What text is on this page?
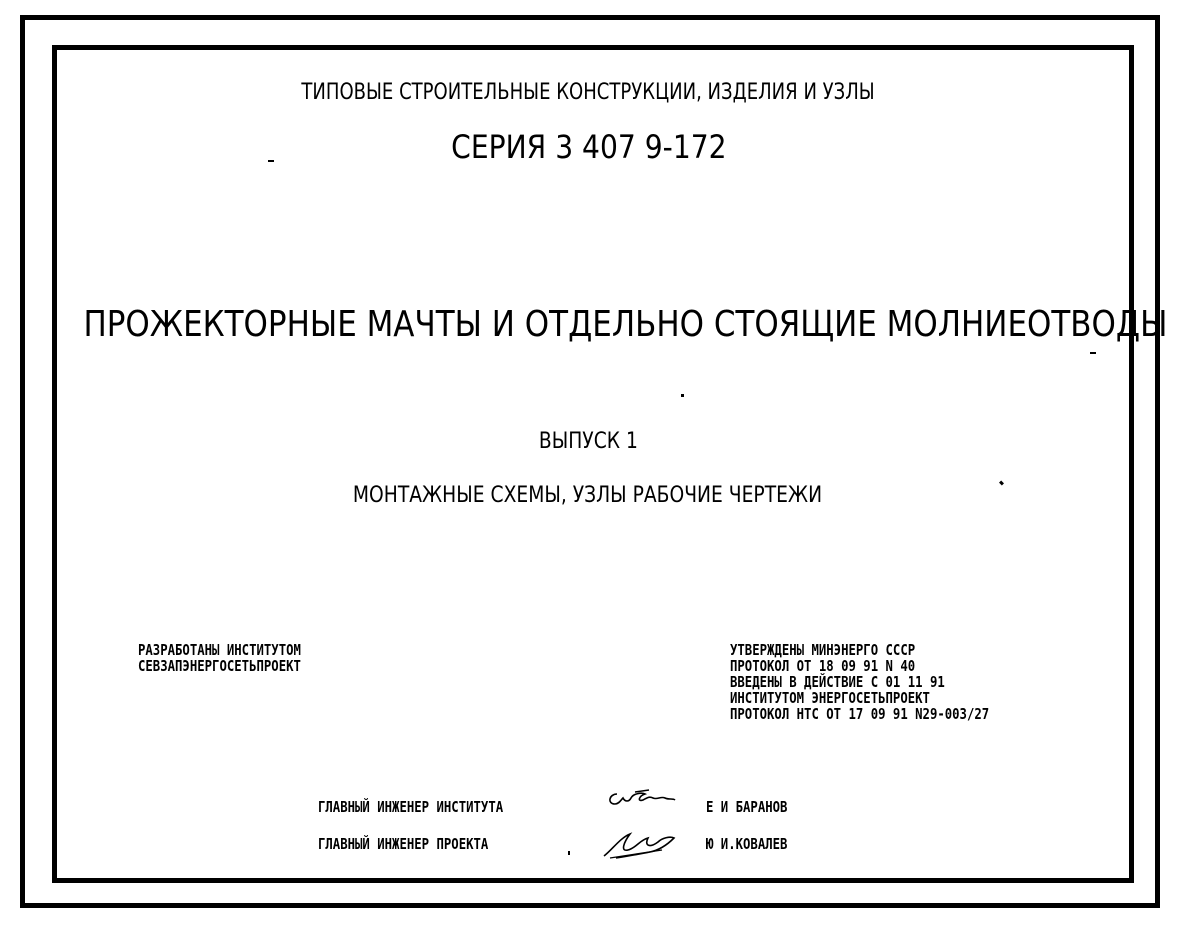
ТИПОВЫЕ СТРОИТЕЛЬНЫЕ КОНСТРУКЦИИ, ИЗДЕЛИЯ И УЗЛЫ
СЕРИЯ 3 407 9-172
ПРОЖЕКТОРНЫЕ МАЧТЫ И ОТДЕЛЬНО СТОЯЩИЕ МОЛНИЕОТВОДЫ
ВЫПУСК 1
МОНТАЖНЫЕ СХЕМЫ, УЗЛЫ РАБОЧИЕ ЧЕРТЕЖИ
РАЗРАБОТАНЫ ИНСТИТУТОМ
СЕВЗАПЭНЕРГОСЕТЬПРОЕКТ
УТВЕРЖДЕНЫ МИНЭНЕРГО СССР
ПРОТОКОЛ ОТ 18 09 91 N 40
ВВЕДЕНЫ В ДЕЙСТВИЕ С 01 11 91
ИНСТИТУТОМ ЭНЕРГОСЕТЬПРОЕКТ
ПРОТОКОЛ НТС ОТ 17 09 91 N29-003/27
ГЛАВНЫЙ ИНЖЕНЕР ИНСТИТУТА	Е И БАРАНОВ
ГЛАВНЫЙ ИНЖЕНЕР ПРОЕКТА	Ю И.КОВАЛЕВ
